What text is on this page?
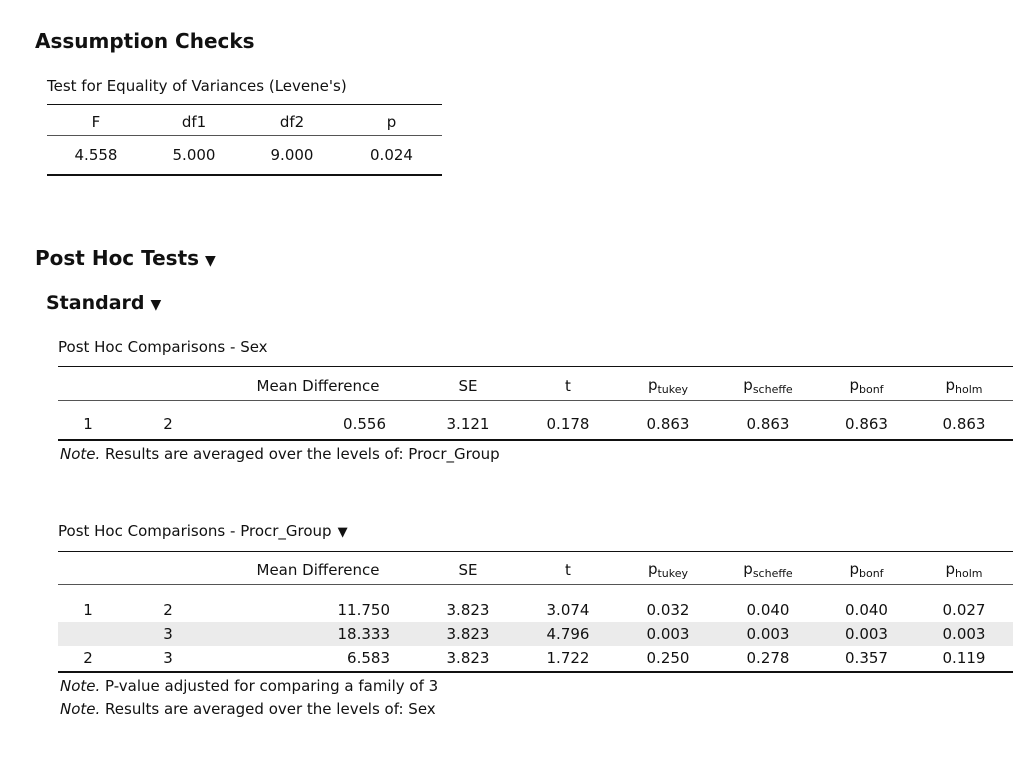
Assumption Checks
Test for Equality of Variances (Levene's)
F	df1	df2	p

4.558	5.000	9.000	0.024
Post Hoc Tests ▼
Standard ▼
Post Hoc Comparisons - Sex
		Mean Difference	SE	t	$p_{tukey}$	$p_{scheffe}$	$p_{bonf}$	$p_{holm}$

1	2	0.556	3.121	0.178	0.863	0.863	0.863	0.863
Note. Results are averaged over the levels of: Procr_Group
Post Hoc Comparisons - Procr_Group ▼
		Mean Difference	SE	t	$p_{tukey}$	$p_{scheffe}$	$p_{bonf}$	$p_{holm}$

1	2	11.750	3.823	3.074	0.032	0.040	0.040	0.027
	3	18.333	3.823	4.796	0.003	0.003	0.003	0.003
2	3	6.583	3.823	1.722	0.250	0.278	0.357	0.119
Note. P-value adjusted for comparing a family of 3
Note. Results are averaged over the levels of: Sex
